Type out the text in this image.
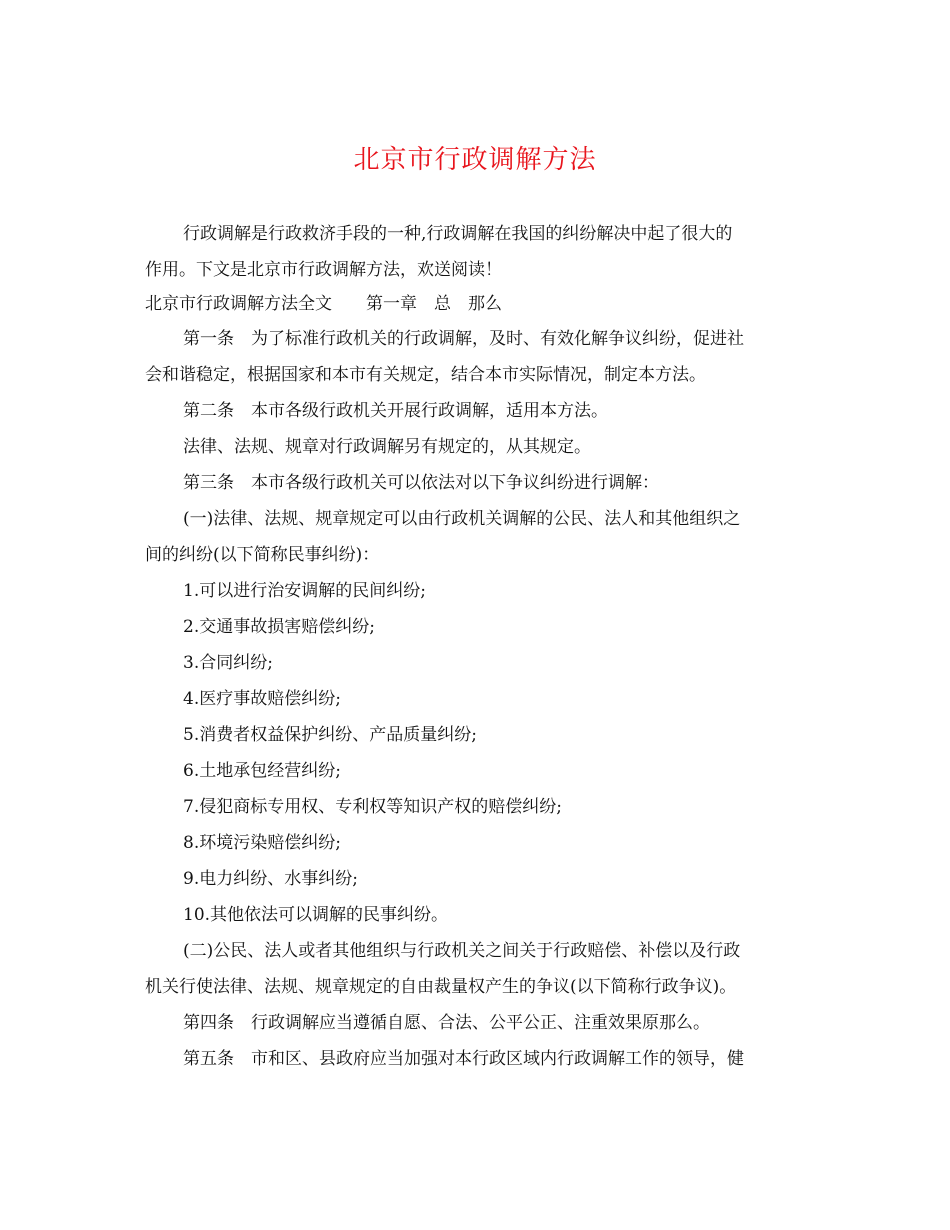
北京市行政调解方法
行政调解是行政救济手段的一种,行政调解在我国的纠纷解决中起了很大的
作用。下文是北京市行政调解方法，欢送阅读！
北京市行政调解方法全文　　第一章　总　那么
第一条　为了标准行政机关的行政调解，及时、有效化解争议纠纷，促进社
会和谐稳定，根据国家和本市有关规定，结合本市实际情况，制定本方法。
第二条　本市各级行政机关开展行政调解，适用本方法。
法律、法规、规章对行政调解另有规定的，从其规定。
第三条　本市各级行政机关可以依法对以下争议纠纷进行调解：
(一)法律、法规、规章规定可以由行政机关调解的公民、法人和其他组织之
间的纠纷(以下简称民事纠纷)：
1.可以进行治安调解的民间纠纷;
2.交通事故损害赔偿纠纷;
3.合同纠纷;
4.医疗事故赔偿纠纷;
5.消费者权益保护纠纷、产品质量纠纷;
6.土地承包经营纠纷;
7.侵犯商标专用权、专利权等知识产权的赔偿纠纷;
8.环境污染赔偿纠纷;
9.电力纠纷、水事纠纷;
10.其他依法可以调解的民事纠纷。
(二)公民、法人或者其他组织与行政机关之间关于行政赔偿、补偿以及行政
机关行使法律、法规、规章规定的自由裁量权产生的争议(以下简称行政争议)。
第四条　行政调解应当遵循自愿、合法、公平公正、注重效果原那么。
第五条　市和区、县政府应当加强对本行政区域内行政调解工作的领导，健
